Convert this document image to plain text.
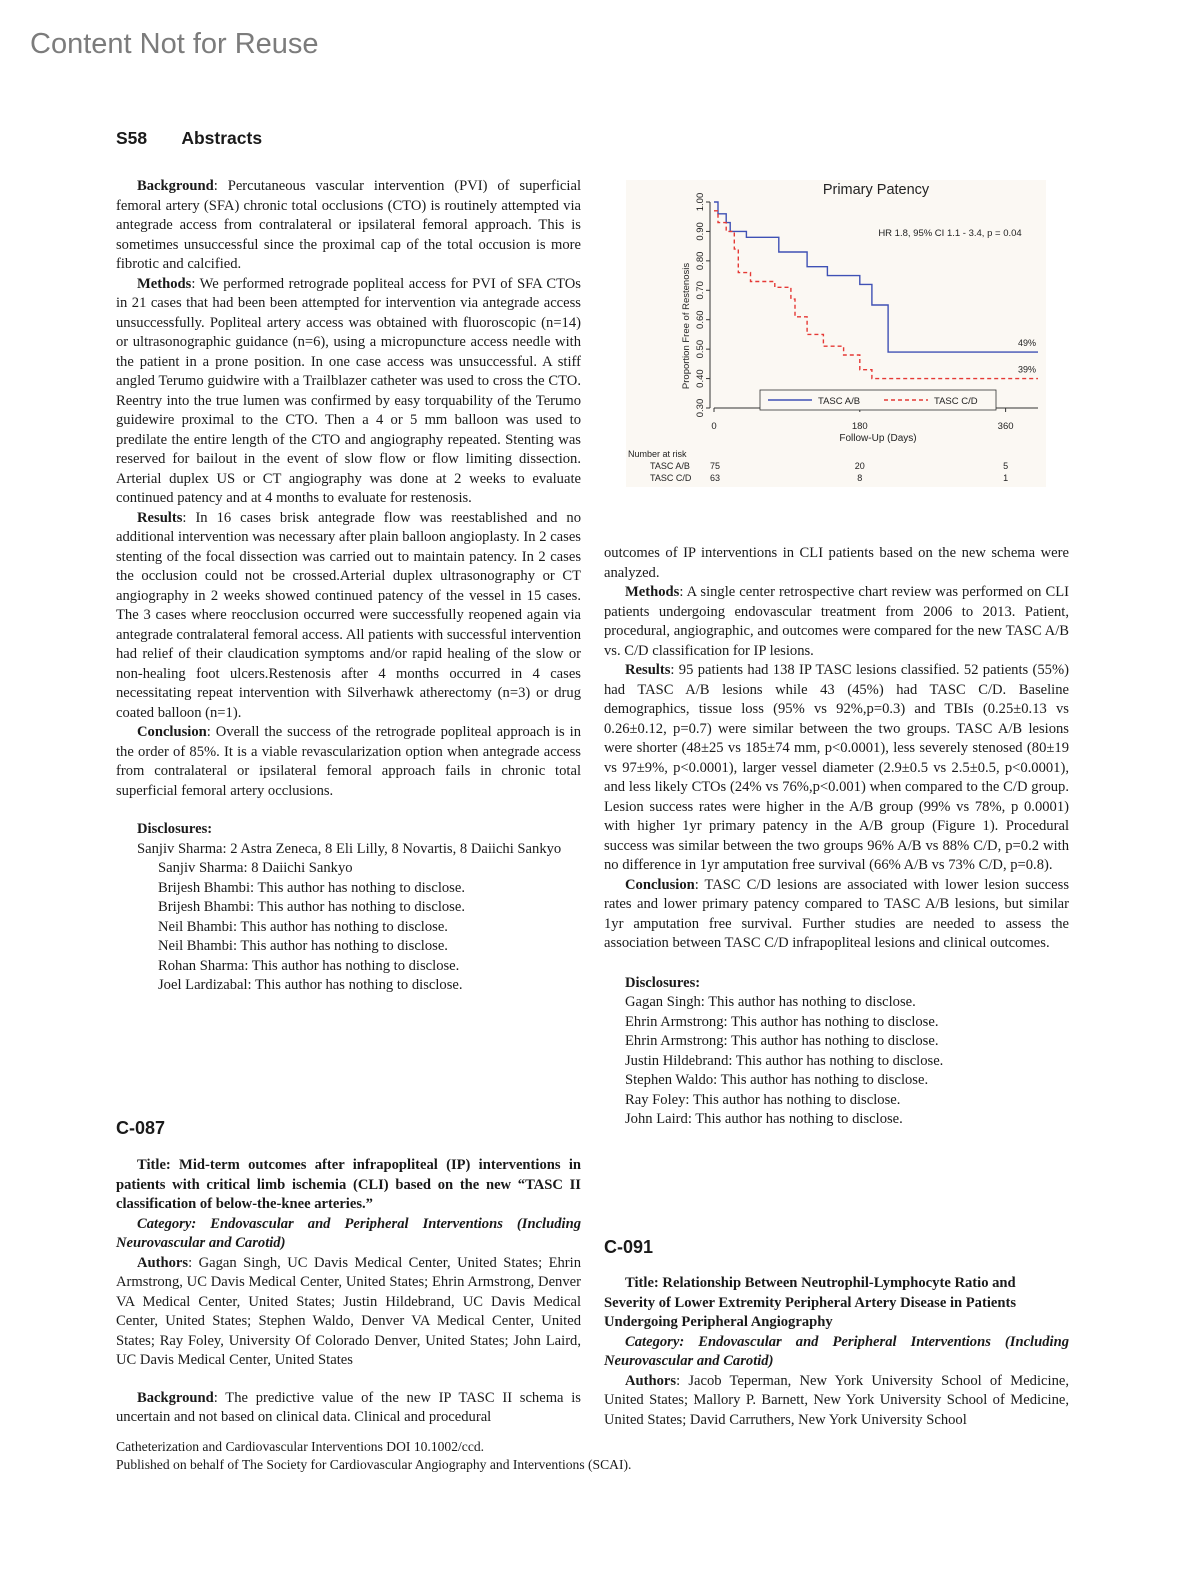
Content Not for Reuse
S58 Abstracts

Background: Percutaneous vascular intervention (PVI) of superficial femoral artery (SFA) chronic total occlusions (CTO) is routinely attempted via antegrade access from contralateral or ipsilateral femoral approach. This is sometimes unsuccessful since the proximal cap of the total occusion is more fibrotic and calcified.

Methods: We performed retrograde popliteal access for PVI of SFA CTOs in 21 cases that had been been attempted for intervention via antegrade access unsuccessfully. Popliteal artery access was obtained with fluoroscopic (n=14) or ultrasonographic guidance (n=6), using a micropuncture access needle with the patient in a prone position. In one case access was unsuccessful. A stiff angled Terumo guidwire with a Trailblazer catheter was used to cross the CTO. Reentry into the true lumen was confirmed by easy torquability of the Terumo guidewire proximal to the CTO. Then a 4 or 5 mm balloon was used to predilate the entire length of the CTO and angiography repeated. Stenting was reserved for bailout in the event of slow flow or flow limiting dissection. Arterial duplex US or CT angiography was done at 2 weeks to evaluate continued patency and at 4 months to evaluate for restenosis.

Results: In 16 cases brisk antegrade flow was reestablished and no additional intervention was necessary after plain balloon angioplasty. In 2 cases stenting of the focal dissection was carried out to maintain patency. In 2 cases the occlusion could not be crossed.Arterial duplex ultrasonography or CT angiography in 2 weeks showed continued patency of the vessel in 15 cases. The 3 cases where reocclusion occurred were successfully reopened again via antegrade contralateral femoral access. All patients with successful intervention had relief of their claudication symptoms and/or rapid healing of the slow or non-healing foot ulcers.Restenosis after 4 months occurred in 4 cases necessitating repeat intervention with Silverhawk atherectomy (n=3) or drug coated balloon (n=1).

Conclusion: Overall the success of the retrograde popliteal approach is in the order of 85%. It is a viable revascularization option when antegrade access from contralateral or ipsilateral femoral approach fails in chronic total superficial femoral artery occlusions.

Disclosures:

Sanjiv Sharma: 2 Astra Zeneca, 8 Eli Lilly, 8 Novartis, 8 Daiichi Sankyo

Sanjiv Sharma: 8 Daiichi Sankyo

Brijesh Bhambi: This author has nothing to disclose.

Brijesh Bhambi: This author has nothing to disclose.

Neil Bhambi: This author has nothing to disclose.

Neil Bhambi: This author has nothing to disclose.

Rohan Sharma: This author has nothing to disclose.

Joel Lardizabal: This author has nothing to disclose.

C-087

Title: Mid-term outcomes after infrapopliteal (IP) interventions in patients with critical limb ischemia (CLI) based on the new “TASC II classification of below-the-knee arteries.”

Category: Endovascular and Peripheral Interventions (Including Neurovascular and Carotid)

Authors: Gagan Singh, UC Davis Medical Center, United States; Ehrin Armstrong, UC Davis Medical Center, United States; Ehrin Armstrong, Denver VA Medical Center, United States; Justin Hildebrand, UC Davis Medical Center, United States; Stephen Waldo, Denver VA Medical Center, United States; Ray Foley, University Of Colorado Denver, United States; John Laird, UC Davis Medical Center, United States

Background: The predictive value of the new IP TASC II schema is uncertain and not based on clinical data. Clinical and procedural

Primary Patency
HR 1.8, 95% CI 1.1 - 3.4, p = 0.04
Proportion Free of Restenosis
Follow-Up (Days)
0.30
0.40
0.50
0.60
0.70
0.80
0.90
1.00
0	180	360
49%
39%
TASC A/B	TASC C/D
Number at risk
TASC A/B 75	20	5
TASC C/D 63	8	1

outcomes of IP interventions in CLI patients based on the new schema were analyzed.

Methods: A single center retrospective chart review was performed on CLI patients undergoing endovascular treatment from 2006 to 2013. Patient, procedural, angiographic, and outcomes were compared for the new TASC A/B vs. C/D classification for IP lesions.

Results: 95 patients had 138 IP TASC lesions classified. 52 patients (55%) had TASC A/B lesions while 43 (45%) had TASC C/D. Baseline demographics, tissue loss (95% vs 92%,p=0.3) and TBIs (0.25±0.13 vs 0.26±0.12, p=0.7) were similar between the two groups. TASC A/B lesions were shorter (48±25 vs 185±74 mm, p<0.0001), less severely stenosed (80±19 vs 97±9%, p<0.0001), larger vessel diameter (2.9±0.5 vs 2.5±0.5, p<0.0001), and less likely CTOs (24% vs 76%,p<0.001) when compared to the C/D group. Lesion success rates were higher in the A/B group (99% vs 78%, p 0.0001) with higher 1yr primary patency in the A/B group (Figure 1). Procedural success was similar between the two groups 96% A/B vs 88% C/D, p=0.2 with no difference in 1yr amputation free survival (66% A/B vs 73% C/D, p=0.8).

Conclusion: TASC C/D lesions are associated with lower lesion success rates and lower primary patency compared to TASC A/B lesions, but similar 1yr amputation free survival. Further studies are needed to assess the association between TASC C/D infrapopliteal lesions and clinical outcomes.

Disclosures:

Gagan Singh: This author has nothing to disclose.

Ehrin Armstrong: This author has nothing to disclose.

Ehrin Armstrong: This author has nothing to disclose.

Justin Hildebrand: This author has nothing to disclose.

Stephen Waldo: This author has nothing to disclose.

Ray Foley: This author has nothing to disclose.

John Laird: This author has nothing to disclose.

C-091

Title: Relationship Between Neutrophil-Lymphocyte Ratio and Severity of Lower Extremity Peripheral Artery Disease in Patients Undergoing Peripheral Angiography

Category: Endovascular and Peripheral Interventions (Including Neurovascular and Carotid)

Authors: Jacob Teperman, New York University School of Medicine, United States; Mallory P. Barnett, New York University School of Medicine, United States; David Carruthers, New York University School

Catheterization and Cardiovascular Interventions DOI 10.1002/ccd.
Published on behalf of The Society for Cardiovascular Angiography and Interventions (SCAI).
